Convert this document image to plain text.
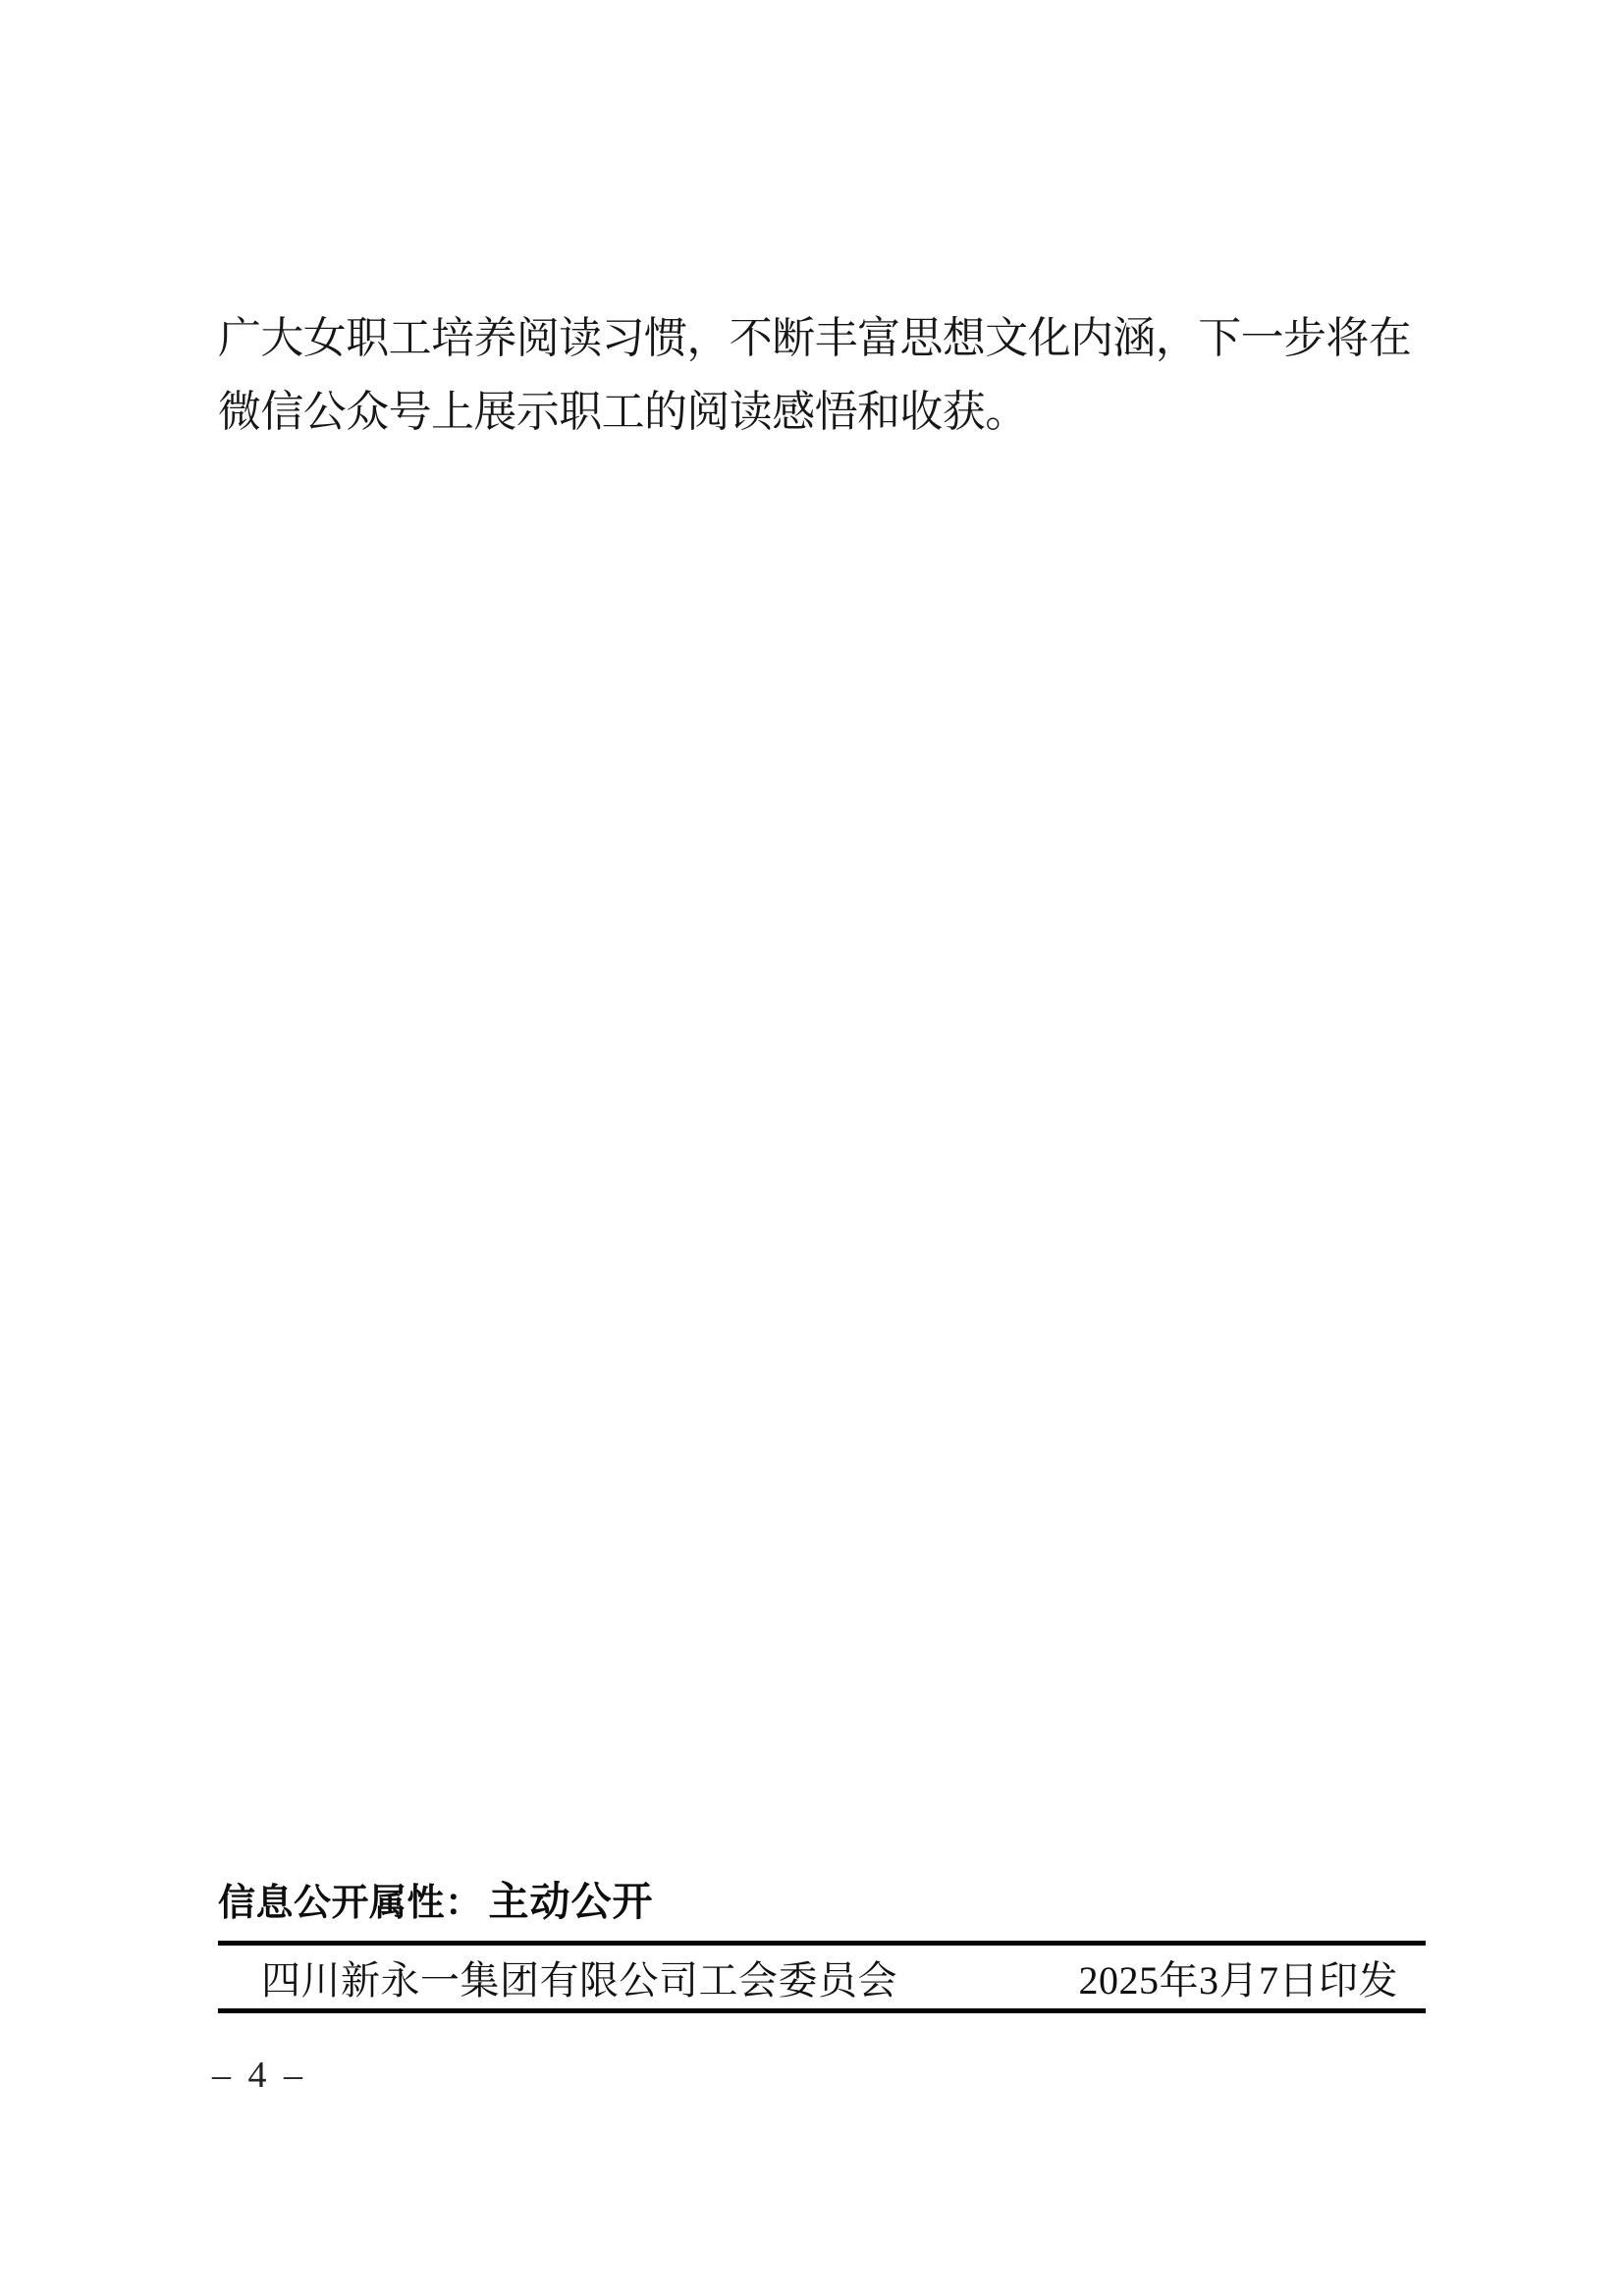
广大女职工培养阅读习惯，不断丰富思想文化内涵，下一步将在
微信公众号上展示职工的阅读感悟和收获。
信息公开属性： 主动公开
四川新永一集团有限公司工会委员会	2025年3月7日印发
– 4 –
